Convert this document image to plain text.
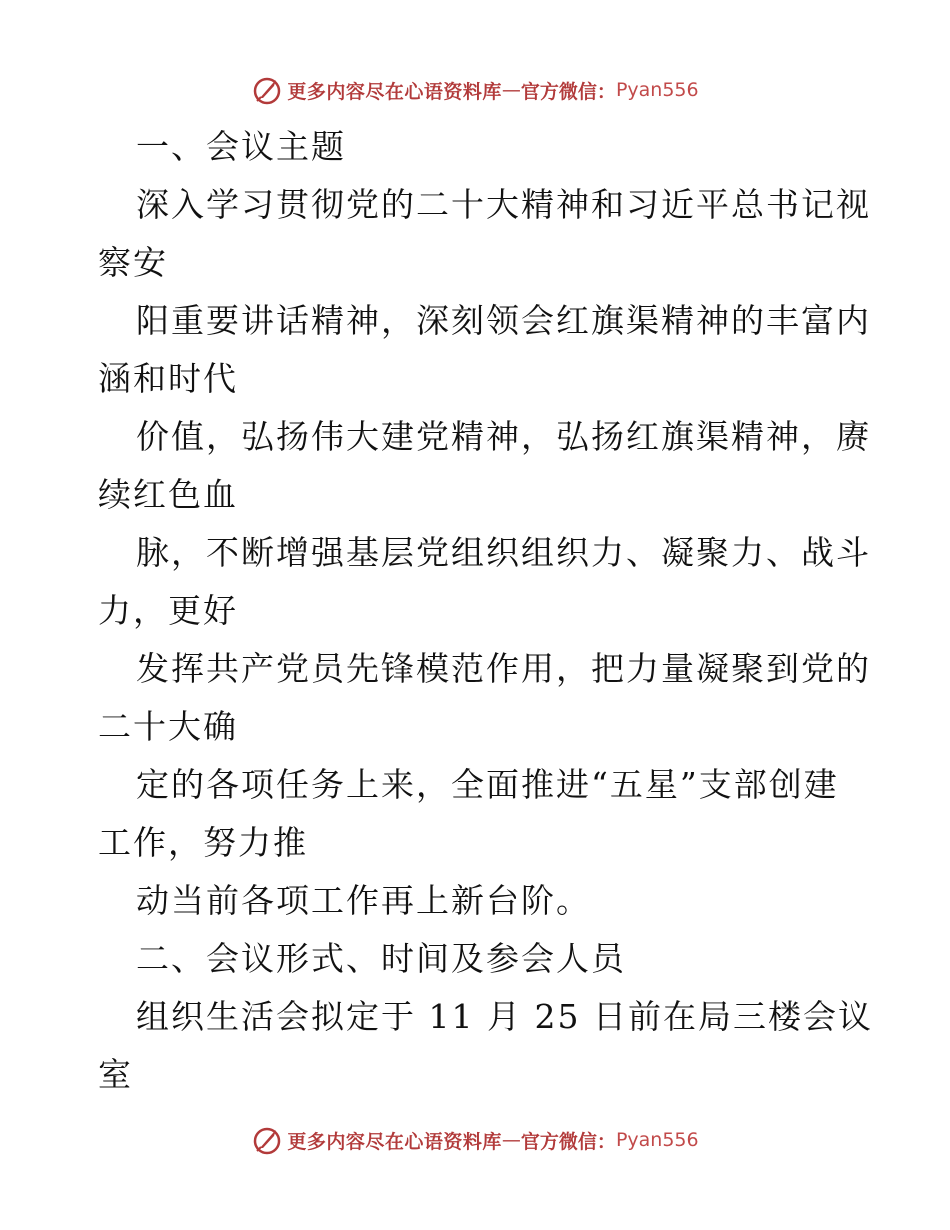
更多内容尽在心语资料库 — 官方微信： Pyan556
一、会议主题
深入学习贯彻党的二十大精神和习近平总书记视
察安
阳重要讲话精神，深刻领会红旗渠精神的丰富内
涵和时代
价值，弘扬伟大建党精神，弘扬红旗渠精神，赓
续红色血
脉，不断增强基层党组织组织力、凝聚力、战斗
力，更好
发挥共产党员先锋模范作用，把力量凝聚到党的
二十大确
定的各项任务上来，全面推进“五星”支部创建
工作，努力推
动当前各项工作再上新台阶。
二、会议形式、时间及参会人员
组织生活会拟定于 11 月 25 日前在局三楼会议
室
更多内容尽在心语资料库 — 官方微信： Pyan556
